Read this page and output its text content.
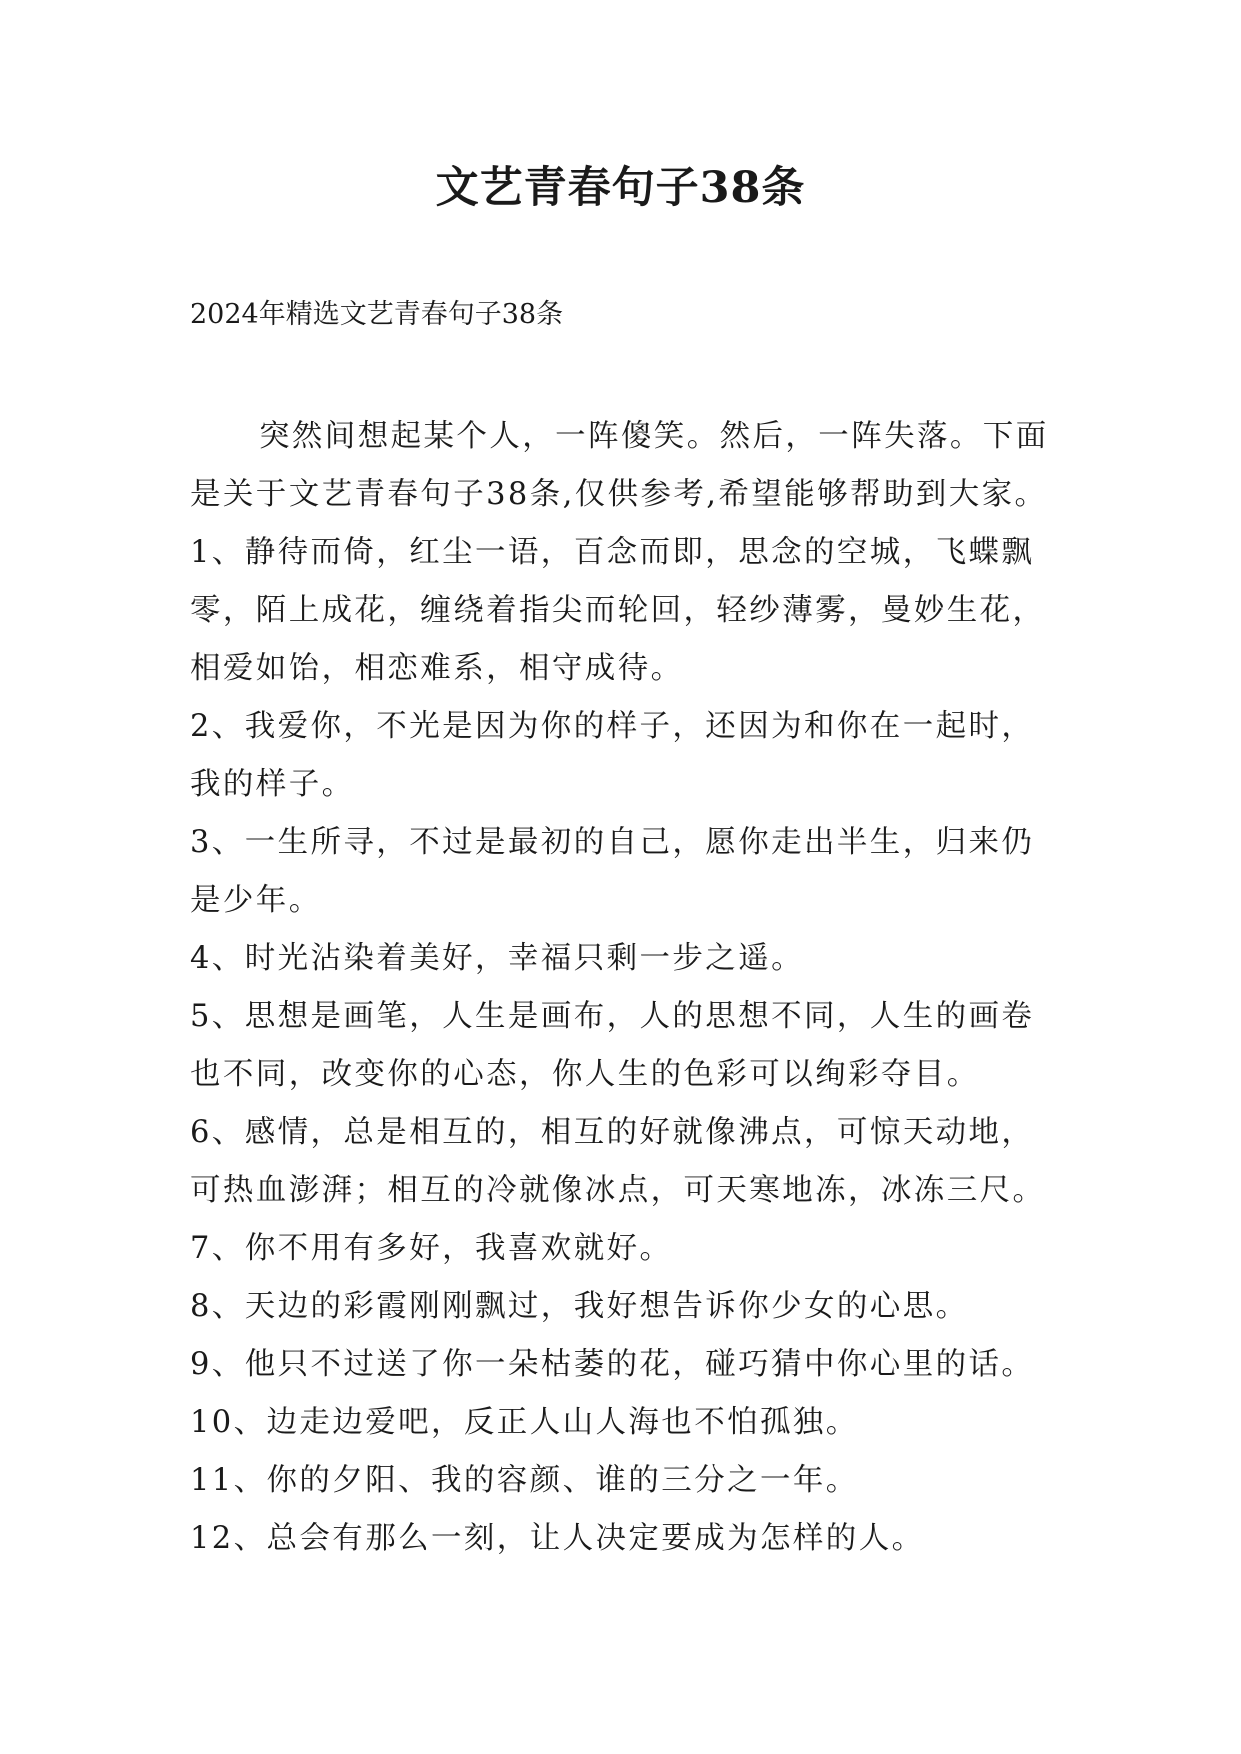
文艺青春句子38条
2024年精选文艺青春句子38条
突然间想起某个人，一阵傻笑。然后，一阵失落。下面
是关于文艺青春句子38条,仅供参考,希望能够帮助到大家。
1、静待而倚，红尘一语，百念而即，思念的空城，飞蝶飘
零，陌上成花，缠绕着指尖而轮回，轻纱薄雾，曼妙生花，
相爱如饴，相恋难系，相守成待。
2、我爱你，不光是因为你的样子，还因为和你在一起时，
我的样子。
3、一生所寻，不过是最初的自己，愿你走出半生，归来仍
是少年。
4、时光沾染着美好，幸福只剩一步之遥。
5、思想是画笔，人生是画布，人的思想不同，人生的画卷
也不同，改变你的心态，你人生的色彩可以绚彩夺目。
6、感情，总是相互的，相互的好就像沸点，可惊天动地，
可热血澎湃；相互的冷就像冰点，可天寒地冻，冰冻三尺。
7、你不用有多好，我喜欢就好。
8、天边的彩霞刚刚飘过，我好想告诉你少女的心思。
9、他只不过送了你一朵枯萎的花，碰巧猜中你心里的话。
10、边走边爱吧，反正人山人海也不怕孤独。
11、你的夕阳、我的容颜、谁的三分之一年。
12、总会有那么一刻，让人决定要成为怎样的人。
